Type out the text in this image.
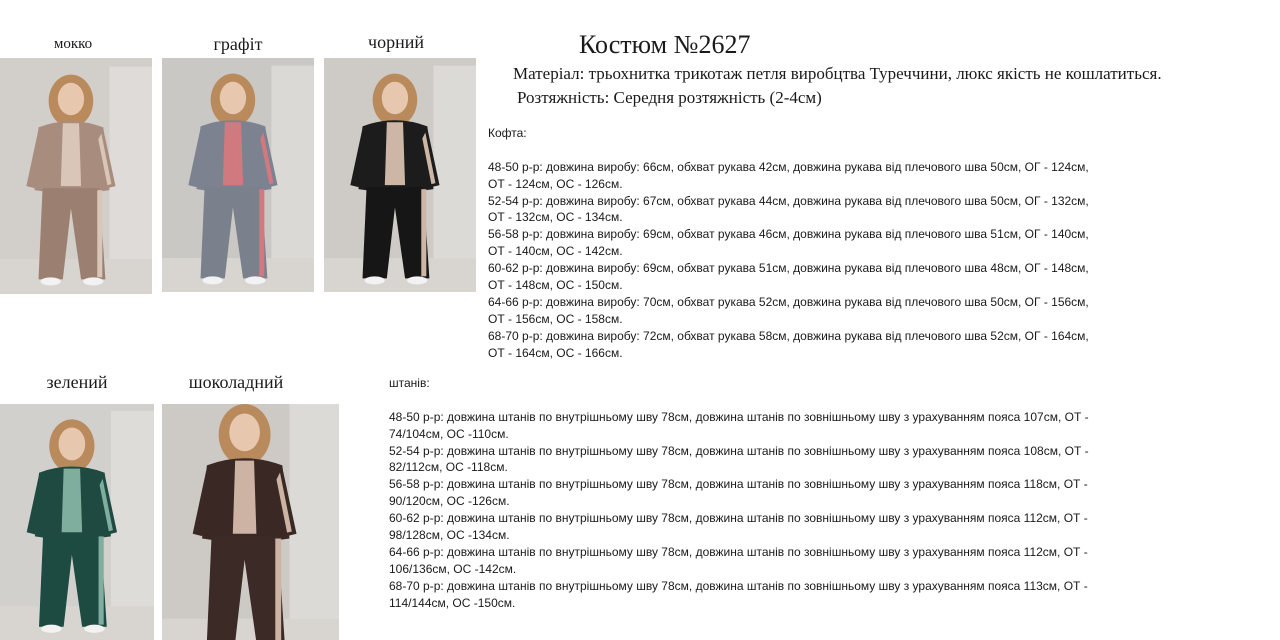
мокко	графіт	чорний
зелений	шоколадний
Костюм №2627
Матеріал: трьохнитка трикотаж петля виробцтва Туреччини, люкс якість не кошлатиться.
Розтяжність: Середня розтяжність (2-4см)

Кофта:

48-50 р-р: довжина виробу: 66см, обхват рукава 42см, довжина рукава від плечового шва 50см, ОГ - 124см,
ОТ - 124см, ОС - 126см.
52-54 р-р: довжина виробу: 67см, обхват рукава 44см, довжина рукава від плечового шва 50см, ОГ - 132см,
ОТ - 132см, ОС - 134см.
56-58 р-р: довжина виробу: 69см, обхват рукава 46см, довжина рукава від плечового шва 51см, ОГ - 140см,
ОТ - 140см, ОС - 142см.
60-62 р-р: довжина виробу: 69см, обхват рукава 51см, довжина рукава від плечового шва 48см, ОГ - 148см,
ОТ - 148см, ОС - 150см.
64-66 р-р: довжина виробу: 70см, обхват рукава 52см, довжина рукава від плечового шва 50см, ОГ - 156см,
ОТ - 156см, ОС - 158см.
68-70 р-р: довжина виробу: 72см, обхват рукава 58см, довжина рукава від плечового шва 52см, ОГ - 164см,
ОТ - 164см, ОС - 166см.

штанів:

48-50 р-р: довжина штанів по внутрішньому шву 78см, довжина штанів по зовнішньому шву з урахуванням пояса 107см, ОТ -
74/104см, ОС -110см.
52-54 р-р: довжина штанів по внутрішньому шву 78см, довжина штанів по зовнішньому шву з урахуванням пояса 108см, ОТ -
82/112см, ОС -118см.
56-58 р-р: довжина штанів по внутрішньому шву 78см, довжина штанів по зовнішньому шву з урахуванням пояса 118см, ОТ -
90/120см, ОС -126см.
60-62 р-р: довжина штанів по внутрішньому шву 78см, довжина штанів по зовнішньому шву з урахуванням пояса 112см, ОТ -
98/128см, ОС -134см.
64-66 р-р: довжина штанів по внутрішньому шву 78см, довжина штанів по зовнішньому шву з урахуванням пояса 112см, ОТ -
106/136см, ОС -142см.
68-70 р-р: довжина штанів по внутрішньому шву 78см, довжина штанів по зовнішньому шву з урахуванням пояса 113см, ОТ -
114/144см, ОС -150см.
